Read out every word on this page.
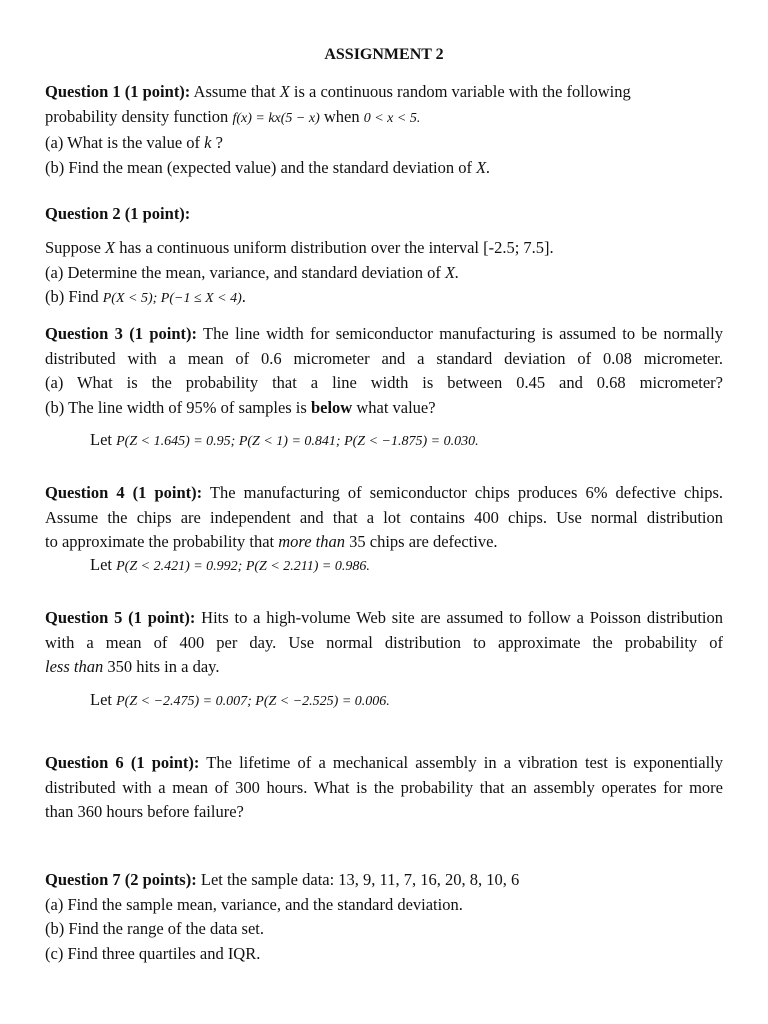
ASSIGNMENT 2
Question 1 (1 point): Assume that X is a continuous random variable with the following
probability density function f(x) = kx(5 − x) when 0 < x < 5.
(a) What is the value of k ?
(b) Find the mean (expected value) and the standard deviation of X.
Question 2 (1 point):
Suppose X has a continuous uniform distribution over the interval [-2.5; 7.5].
(a) Determine the mean, variance, and standard deviation of X.
(b) Find P(X < 5); P(−1 ≤ X < 4).
Question 3 (1 point): The line width for semiconductor manufacturing is assumed to be normally
distributed with a mean of 0.6 micrometer and a standard deviation of 0.08 micrometer.
(a) What is the probability that a line width is between 0.45 and 0.68 micrometer?
(b) The line width of 95% of samples is below what value?
Let P(Z < 1.645) = 0.95; P(Z < 1) = 0.841; P(Z < −1.875) = 0.030.
Question 4 (1 point): The manufacturing of semiconductor chips produces 6% defective chips.
Assume the chips are independent and that a lot contains 400 chips. Use normal distribution
to approximate the probability that more than 35 chips are defective.
Let P(Z < 2.421) = 0.992; P(Z < 2.211) = 0.986.
Question 5 (1 point): Hits to a high-volume Web site are assumed to follow a Poisson distribution
with a mean of 400 per day. Use normal distribution to approximate the probability of
less than 350 hits in a day.
Let P(Z < −2.475) = 0.007; P(Z < −2.525) = 0.006.
Question 6 (1 point): The lifetime of a mechanical assembly in a vibration test is exponentially
distributed with a mean of 300 hours. What is the probability that an assembly operates for more
than 360 hours before failure?
Question 7 (2 points): Let the sample data: 13, 9, 11, 7, 16, 20, 8, 10, 6
(a) Find the sample mean, variance, and the standard deviation.
(b) Find the range of the data set.
(c) Find three quartiles and IQR.
